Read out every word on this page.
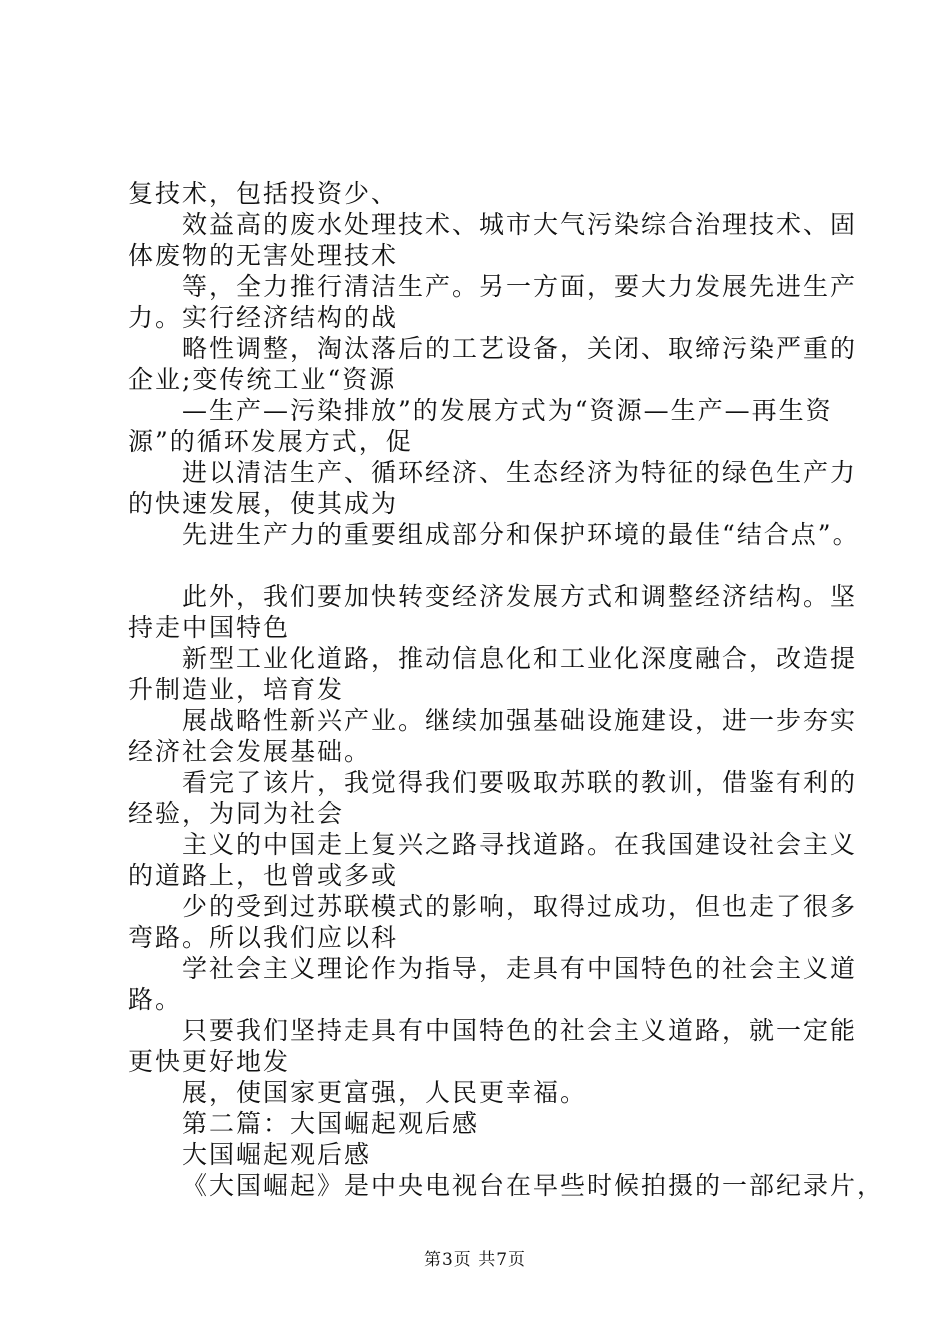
复技术，包括投资少、
效益高的废水处理技术、城市大气污染综合治理技术、固
体废物的无害处理技术
等，全力推行清洁生产。另一方面，要大力发展先进生产
力。实行经济结构的战
略性调整，淘汰落后的工艺设备，关闭、取缔污染严重的
企业;变传统工业“资源
—生产—污染排放”的发展方式为“资源—生产—再生资
源”的循环发展方式，促
进以清洁生产、循环经济、生态经济为特征的绿色生产力
的快速发展，使其成为
先进生产力的重要组成部分和保护环境的最佳“结合点”。
此外，我们要加快转变经济发展方式和调整经济结构。坚
持走中国特色
新型工业化道路，推动信息化和工业化深度融合，改造提
升制造业，培育发
展战略性新兴产业。继续加强基础设施建设，进一步夯实
经济社会发展基础。
看完了该片，我觉得我们要吸取苏联的教训，借鉴有利的
经验，为同为社会
主义的中国走上复兴之路寻找道路。在我国建设社会主义
的道路上，也曾或多或
少的受到过苏联模式的影响，取得过成功，但也走了很多
弯路。所以我们应以科
学社会主义理论作为指导，走具有中国特色的社会主义道
路。
只要我们坚持走具有中国特色的社会主义道路，就一定能
更快更好地发
展，使国家更富强，人民更幸福。
第二篇：大国崛起观后感
大国崛起观后感
《大国崛起》是中央电视台在早些时候拍摄的一部纪录片，

第3页 共7页
